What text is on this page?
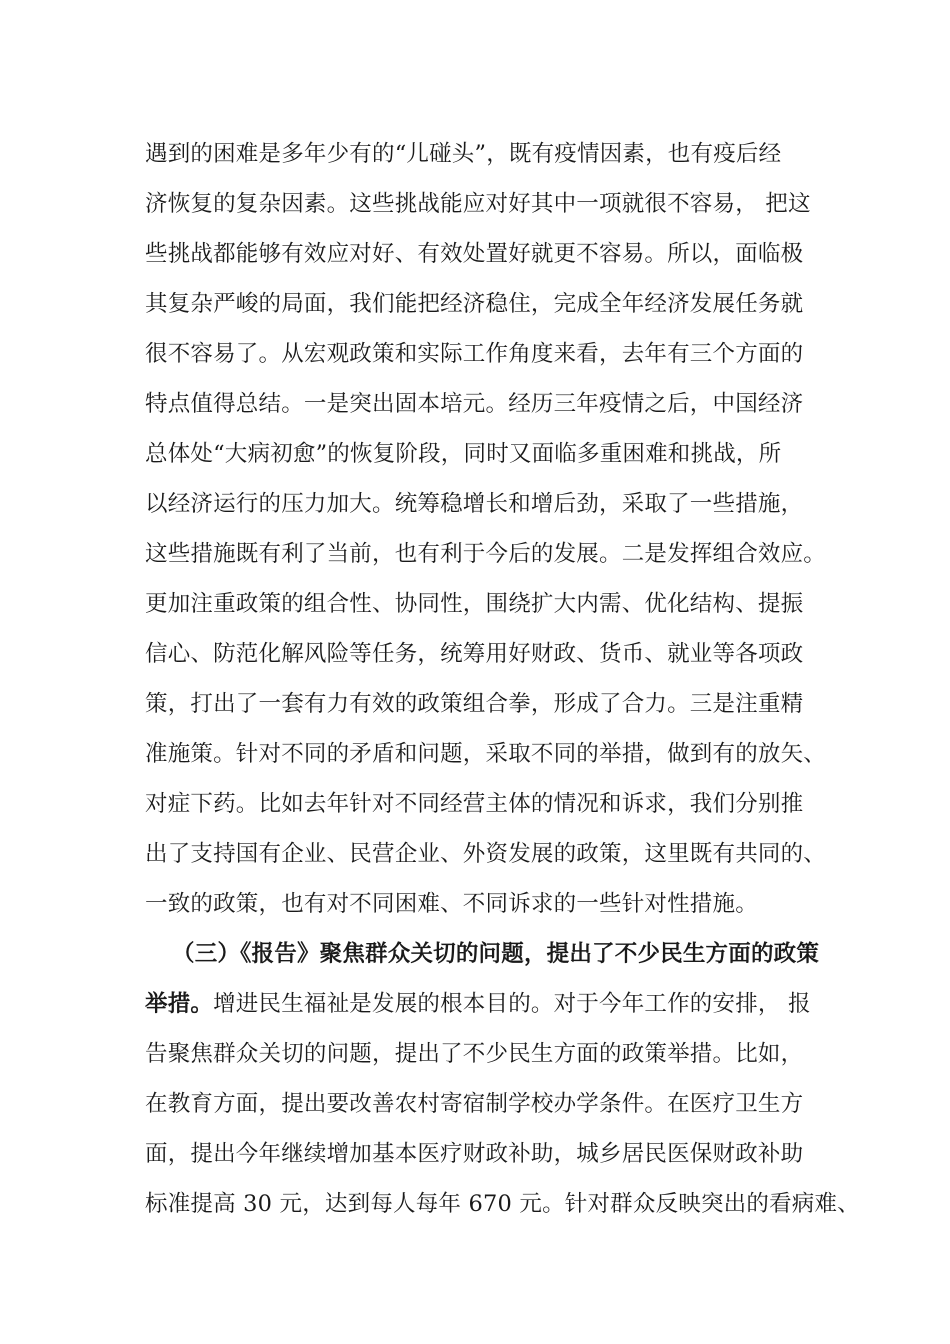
遇到的困难是多年少有的“儿碰头”，既有疫情因素，也有疫后经
济恢复的复杂因素。这些挑战能应对好其中一项就很不容易， 把这
些挑战都能够有效应对好、有效处置好就更不容易。所以，面临极
其复杂严峻的局面，我们能把经济稳住，完成全年经济发展任务就
很不容易了。从宏观政策和实际工作角度来看，去年有三个方面的
特点值得总结。一是突出固本培元。经历三年疫情之后，中国经济
总体处“大病初愈”的恢复阶段，同时又面临多重困难和挑战，所
以经济运行的压力加大。统筹稳增长和增后劲，采取了一些措施，
这些措施既有利了当前，也有利于今后的发展。二是发挥组合效应。
更加注重政策的组合性、协同性，围绕扩大内需、优化结构、提振
信心、防范化解风险等任务，统筹用好财政、货币、就业等各项政
策，打出了一套有力有效的政策组合拳，形成了合力。三是注重精
准施策。针对不同的矛盾和问题，采取不同的举措，做到有的放矢、
对症下药。比如去年针对不同经营主体的情况和诉求，我们分别推
出了支持国有企业、民营企业、外资发展的政策，这里既有共同的、
一致的政策，也有对不同困难、不同诉求的一些针对性措施。
（三）《报告》聚焦群众关切的问题，提出了不少民生方面的政策
举措。增进民生福祉是发展的根本目的。对于今年工作的安排， 报
告聚焦群众关切的问题，提出了不少民生方面的政策举措。比如，
在教育方面，提出要改善农村寄宿制学校办学条件。在医疗卫生方
面，提出今年继续增加基本医疗财政补助，城乡居民医保财政补助
标准提高 30 元，达到每人每年 670 元。针对群众反映突出的看病难、
